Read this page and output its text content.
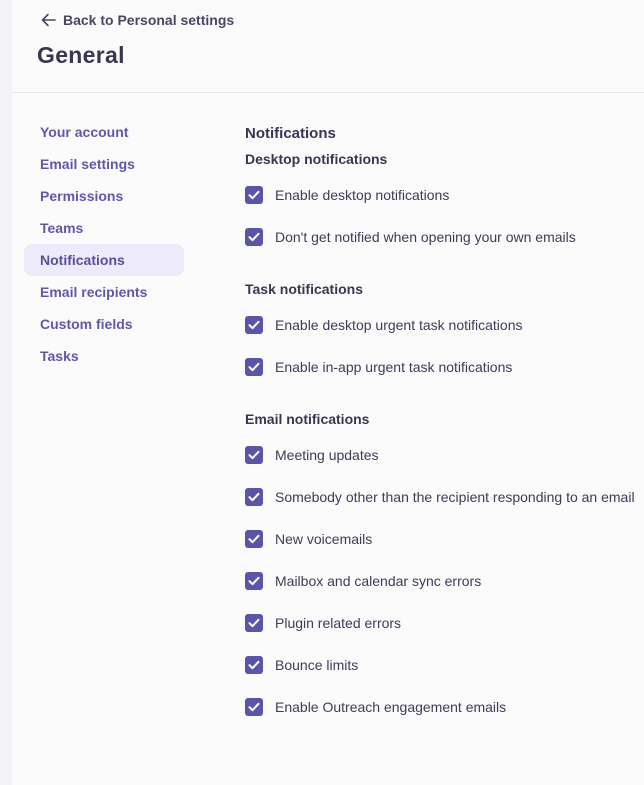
Back to Personal settings
General
Your account
Email settings
Permissions
Teams
Notifications
Email recipients
Custom fields
Tasks
Notifications
Desktop notifications
Enable desktop notifications
Don't get notified when opening your own emails
Task notifications
Enable desktop urgent task notifications
Enable in-app urgent task notifications
Email notifications
Meeting updates
Somebody other than the recipient responding to an email
New voicemails
Mailbox and calendar sync errors
Plugin related errors
Bounce limits
Enable Outreach engagement emails
